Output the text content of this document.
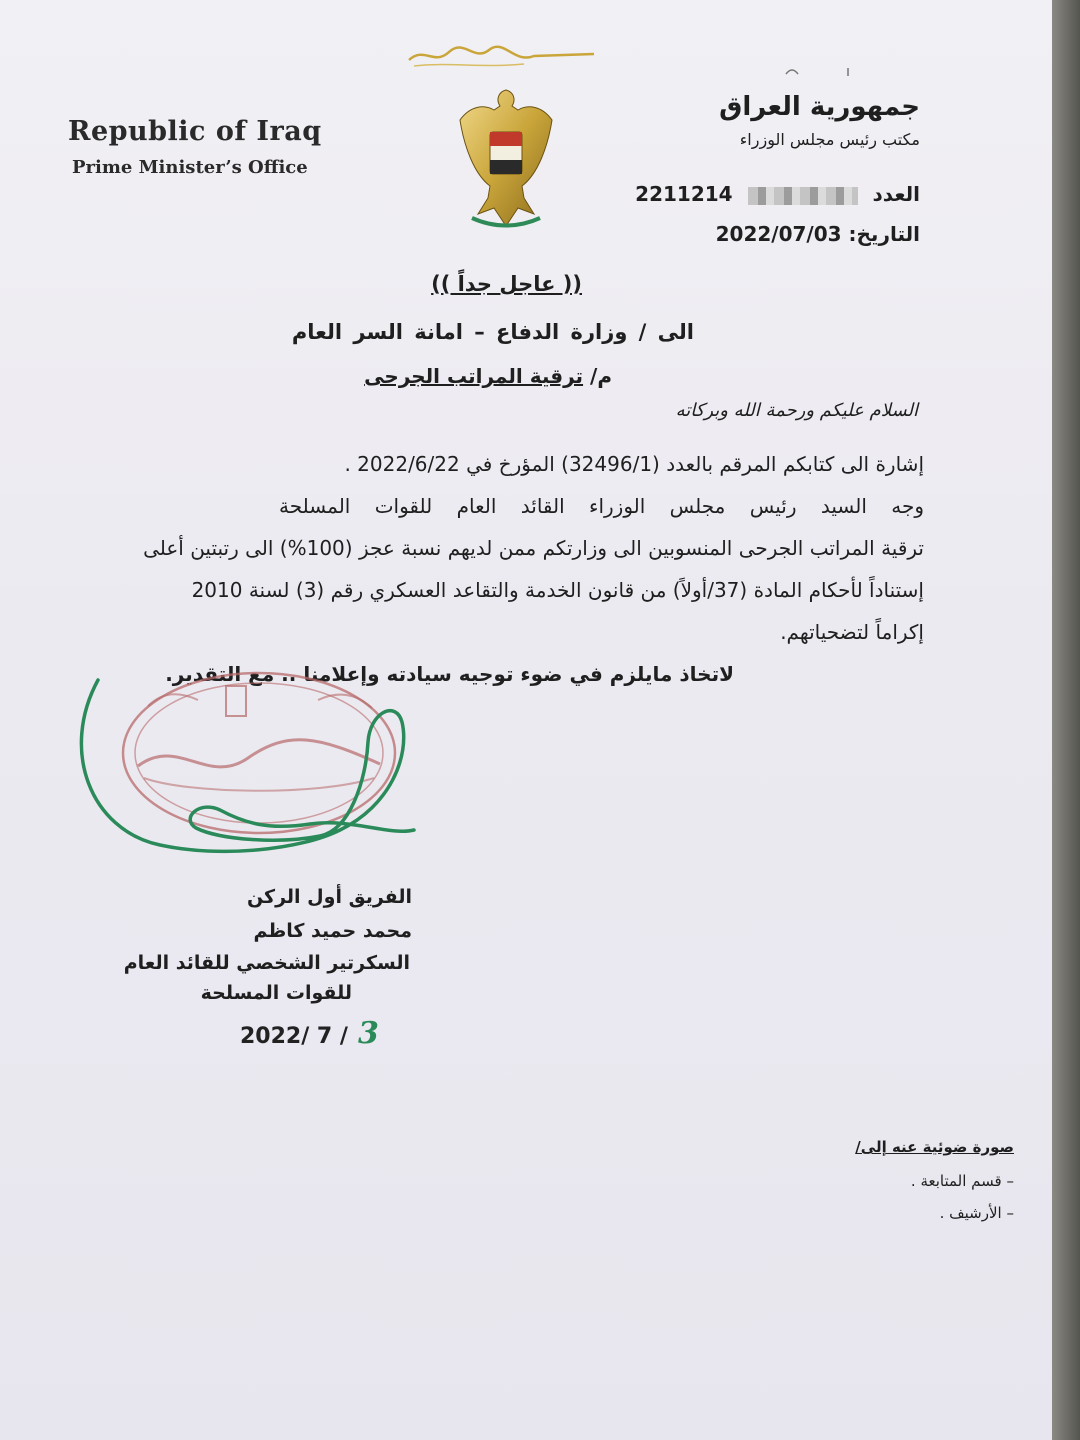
Republic of Iraq
Prime Minister’s Office
جمهورية العراق
مكتب رئيس مجلس الوزراء
العدد  2211214
التاريخ: 2022/07/03
(( عاجل جداً ))
الى / وزارة الدفاع – امانة السر العام
م/ ترقية المراتب الجرحى
السلام عليكم ورحمة الله وبركاته
إشارة الى كتابكم المرقم بالعدد (32496/1) المؤرخ في 2022/6/22 .
وجه السيد رئيس مجلس الوزراء القائد العام للقوات المسلحة
ترقية المراتب الجرحى المنسوبين الى وزارتكم ممن لديهم نسبة عجز (100%) الى رتبتين أعلى
إستناداً لأحكام المادة (37/أولاً) من قانون الخدمة والتقاعد العسكري رقم (3) لسنة 2010
إكراماً لتضحياتهم.
لاتخاذ مايلزم في ضوء توجيه سيادته وإعلامنا .. مع التقدير.
الفريق أول الركن
محمد حميد كاظم
السكرتير الشخصي للقائد العام
للقوات المسلحة
2022/ 7 / 3
صورة ضوئية عنه إلى/
– قسم المتابعة .
– الأرشيف .
